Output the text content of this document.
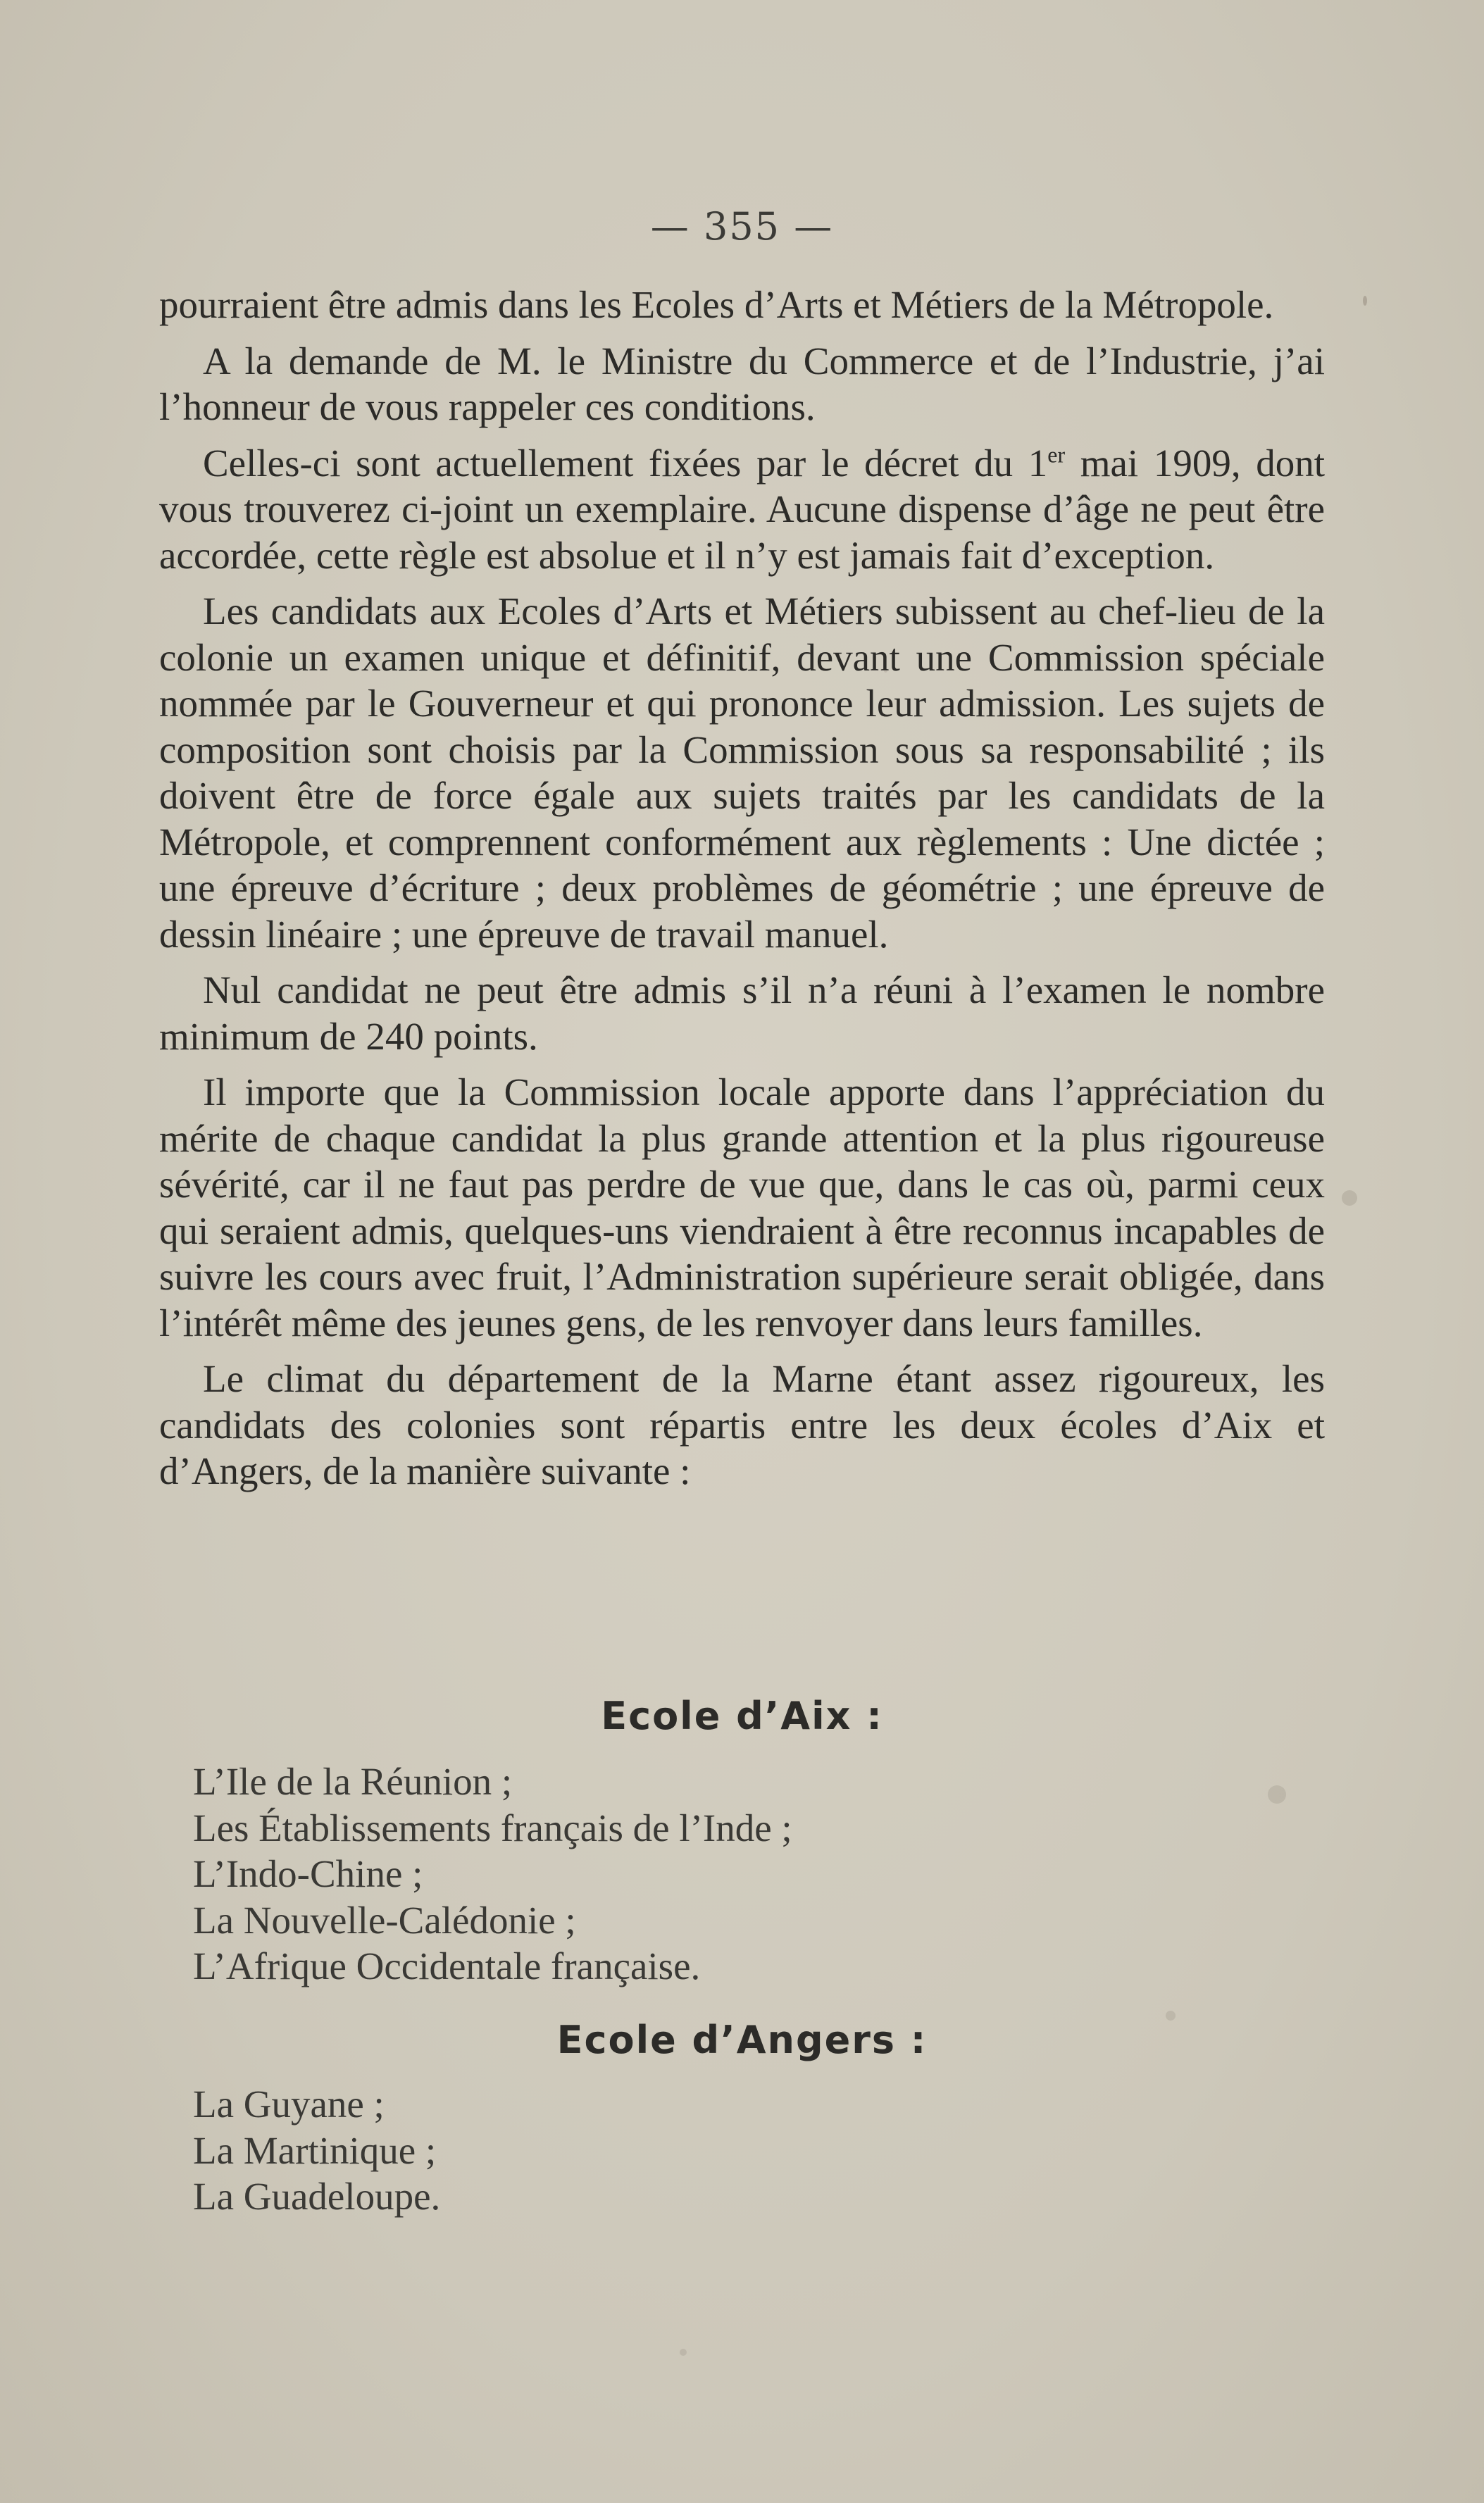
— 355 —

pourraient être admis dans les Ecoles d’Arts et Métiers de la Métropole.

A la demande de M. le Ministre du Commerce et de l’Industrie, j’ai l’honneur de vous rappeler ces conditions.

Celles-ci sont actuellement fixées par le décret du 1er mai 1909, dont vous trouverez ci-joint un exemplaire. Aucune dispense d’âge ne peut être accordée, cette règle est absolue et il n’y est jamais fait d’exception.

Les candidats aux Ecoles d’Arts et Métiers subissent au chef-lieu de la colonie un examen unique et définitif, devant une Commission spéciale nommée par le Gouverneur et qui prononce leur admission. Les sujets de composition sont choisis par la Commission sous sa responsabilité ; ils doivent être de force égale aux sujets traités par les candidats de la Métropole, et comprennent conformément aux règlements : Une dictée ; une épreuve d’écriture ; deux problèmes de géométrie ; une épreuve de dessin linéaire ; une épreuve de travail manuel.

Nul candidat ne peut être admis s’il n’a réuni à l’examen le nombre minimum de 240 points.

Il importe que la Commission locale apporte dans l’appréciation du mérite de chaque candidat la plus grande attention et la plus rigoureuse sévérité, car il ne faut pas perdre de vue que, dans le cas où, parmi ceux qui seraient admis, quelques-uns viendraient à être reconnus incapables de suivre les cours avec fruit, l’Administration supérieure serait obligée, dans l’intérêt même des jeunes gens, de les renvoyer dans leurs familles.

Le climat du département de la Marne étant assez rigoureux, les candidats des colonies sont répartis entre les deux écoles d’Aix et d’Angers, de la manière suivante :

Ecole d’Aix :
L’Ile de la Réunion ;
Les Établissements français de l’Inde ;
L’Indo-Chine ;
La Nouvelle-Calédonie ;
L’Afrique Occidentale française.
Ecole d’Angers :
La Guyane ;
La Martinique ;
La Guadeloupe.
